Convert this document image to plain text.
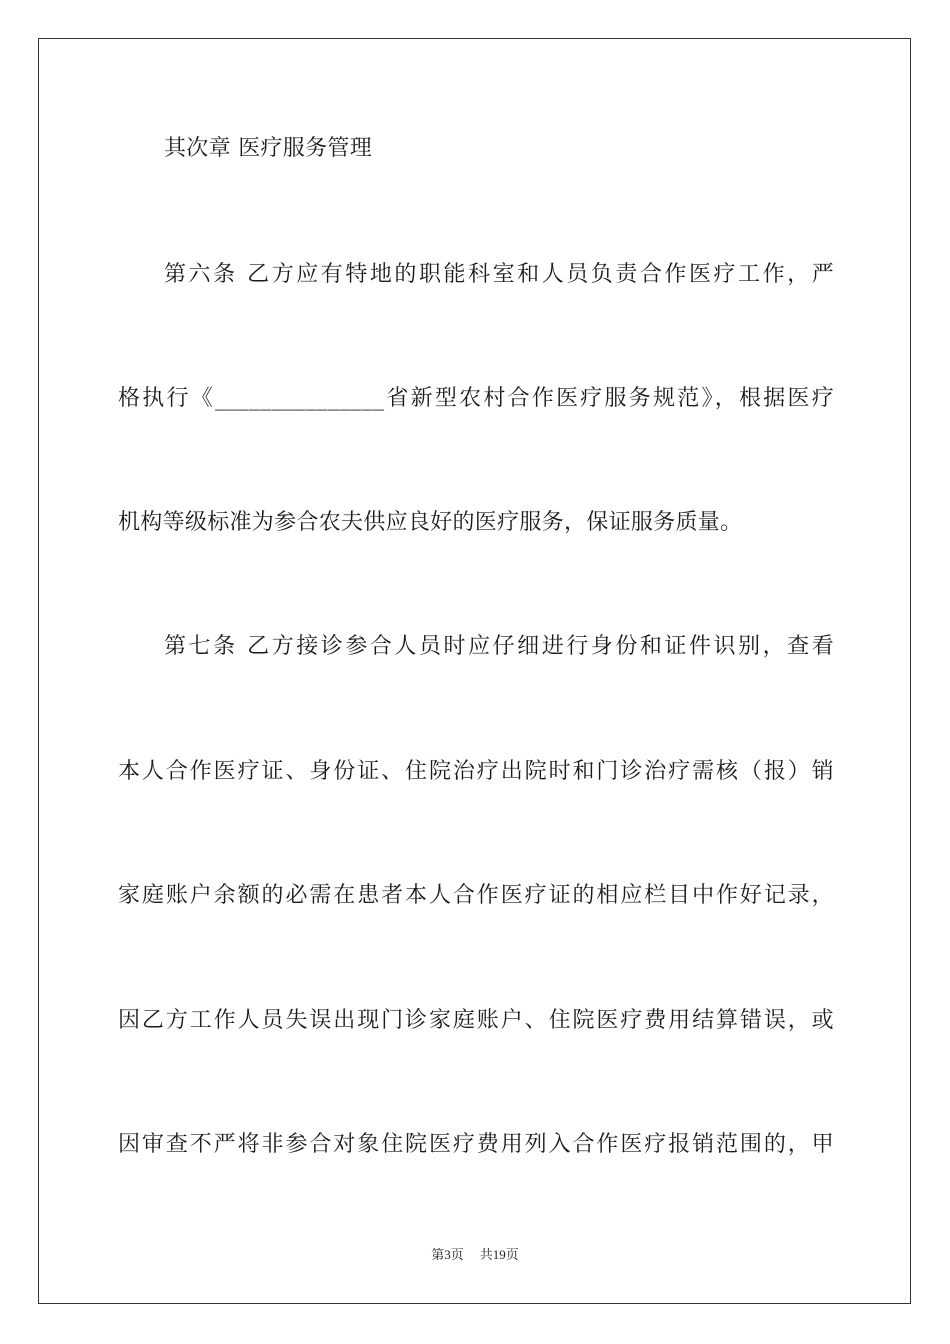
其次章 医疗服务管理
第六条 乙方应有特地的职能科室和人员负责合作医疗工作，严
格执行《_______________省新型农村合作医疗服务规范》，根据医疗
机构等级标准为参合农夫供应良好的医疗服务，保证服务质量。
第七条 乙方接诊参合人员时应仔细进行身份和证件识别，查看
本人合作医疗证、身份证、住院治疗出院时和门诊治疗需核（报）销
家庭账户余额的必需在患者本人合作医疗证的相应栏目中作好记录，
因乙方工作人员失误出现门诊家庭账户、住院医疗费用结算错误，或
因审查不严将非参合对象住院医疗费用列入合作医疗报销范围的，甲
第3页 共19页
